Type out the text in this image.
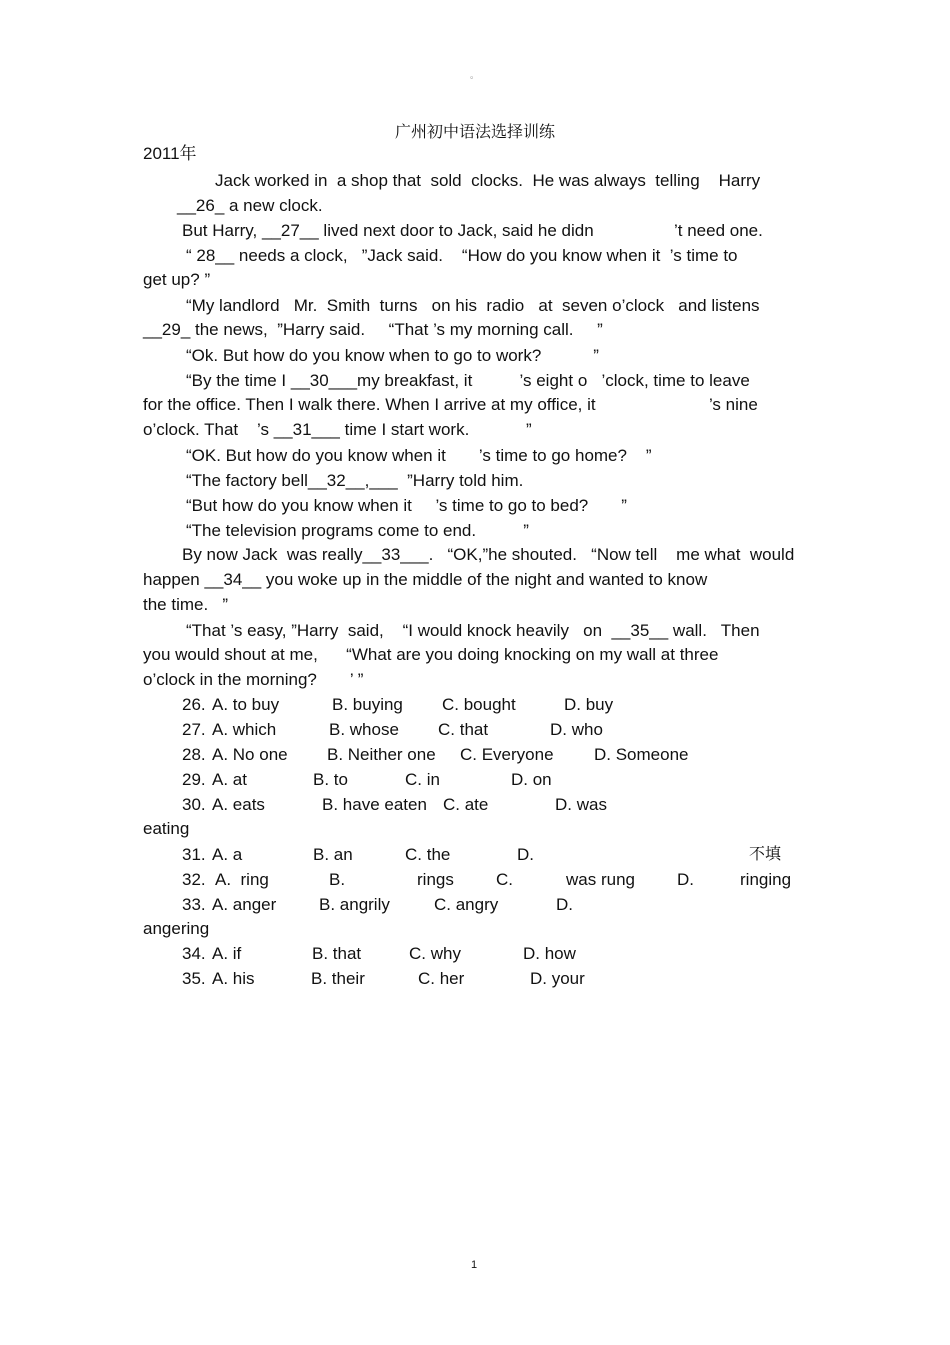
。
广州初中语法选择训练
2011年
Jack worked in  a shop that  sold  clocks.  He was always  telling    Harry
__26_ a new clock.
But Harry, __27__ lived next door to Jack, said he didn                 ’t need one.
“ 28__ needs a clock,   ”Jack said.    “How do you know when it  ’s time to
get up? ”
“My landlord   Mr.  Smith  turns   on his  radio   at  seven o’clock   and listens
__29_ the news,  ”Harry said.     “That ’s my morning call.     ”
“Ok. But how do you know when to go to work?           ”
“By the time I __30___my breakfast, it          ’s eight o   ’clock, time to leave
for the office. Then I walk there. When I arrive at my office, it                        ’s nine
o’clock. That    ’s __31___ time I start work.            ”
“OK. But how do you know when it       ’s time to go home?    ”
“The factory bell__32__,___  ”Harry told him.
“But how do you know when it     ’s time to go to bed?       ”
“The television programs come to end.          ”
By now Jack  was really__33___.   “OK,”he shouted.   “Now tell    me what  would
happen __34__ you woke up in the middle of the night and wanted to know
the time.   ”
“That ’s easy, ”Harry  said,    “I would knock heavily   on  __35__ wall.   Then
you would shout at me,      “What are you doing knocking on my wall at three
o’clock in the morning?       ’ ”
26. A. to buy	B. buying C. bought	D. buy
27. A. which	B. whose C. that	D. who
28. A. No one B. Neither one C. Everyone D. Someone
29. A. at	B. to	C. in	D. on
30. A. eats	B. have eaten C. ate	D. was
eating
31. A. a	B. an	C. the	D.	不填
32. A.  ring	B.	rings C.	was rung D.	ringing
33. A. anger	B. angrily	C. angry	D.
angering
34. A. if	B. that	C. why	D. how
35. A. his	B. their	C. her	D. your
1
